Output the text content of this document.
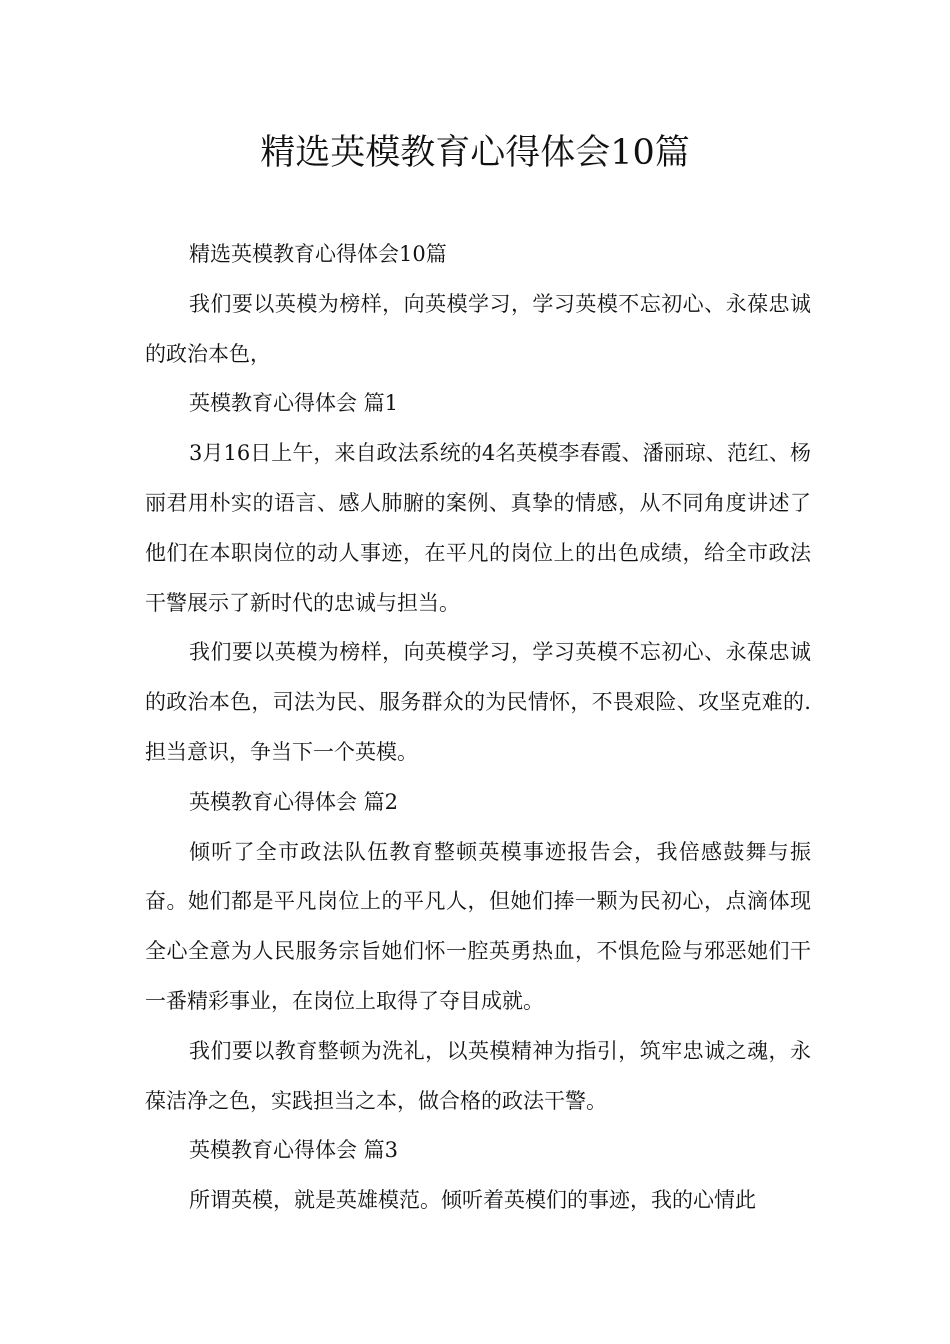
精选英模教育心得体会10篇

精选英模教育心得体会10篇

我们要以英模为榜样，向英模学习，学习英模不忘初心、永葆忠诚的政治本色，

英模教育心得体会 篇1

3月16日上午，来自政法系统的4名英模李春霞、潘丽琼、范红、杨丽君用朴实的语言、感人肺腑的案例、真挚的情感，从不同角度讲述了他们在本职岗位的动人事迹，在平凡的岗位上的出色成绩，给全市政法干警展示了新时代的忠诚与担当。

我们要以英模为榜样，向英模学习，学习英模不忘初心、永葆忠诚的政治本色，司法为民、服务群众的为民情怀，不畏艰险、攻坚克难的.担当意识，争当下一个英模。

英模教育心得体会 篇2

倾听了全市政法队伍教育整顿英模事迹报告会，我倍感鼓舞与振奋。她们都是平凡岗位上的平凡人，但她们捧一颗为民初心，点滴体现全心全意为人民服务宗旨她们怀一腔英勇热血，不惧危险与邪恶她们干一番精彩事业，在岗位上取得了夺目成就。

我们要以教育整顿为洗礼，以英模精神为指引，筑牢忠诚之魂，永葆洁净之色，实践担当之本，做合格的政法干警。

英模教育心得体会 篇3

所谓英模，就是英雄模范。倾听着英模们的事迹，我的心情此
